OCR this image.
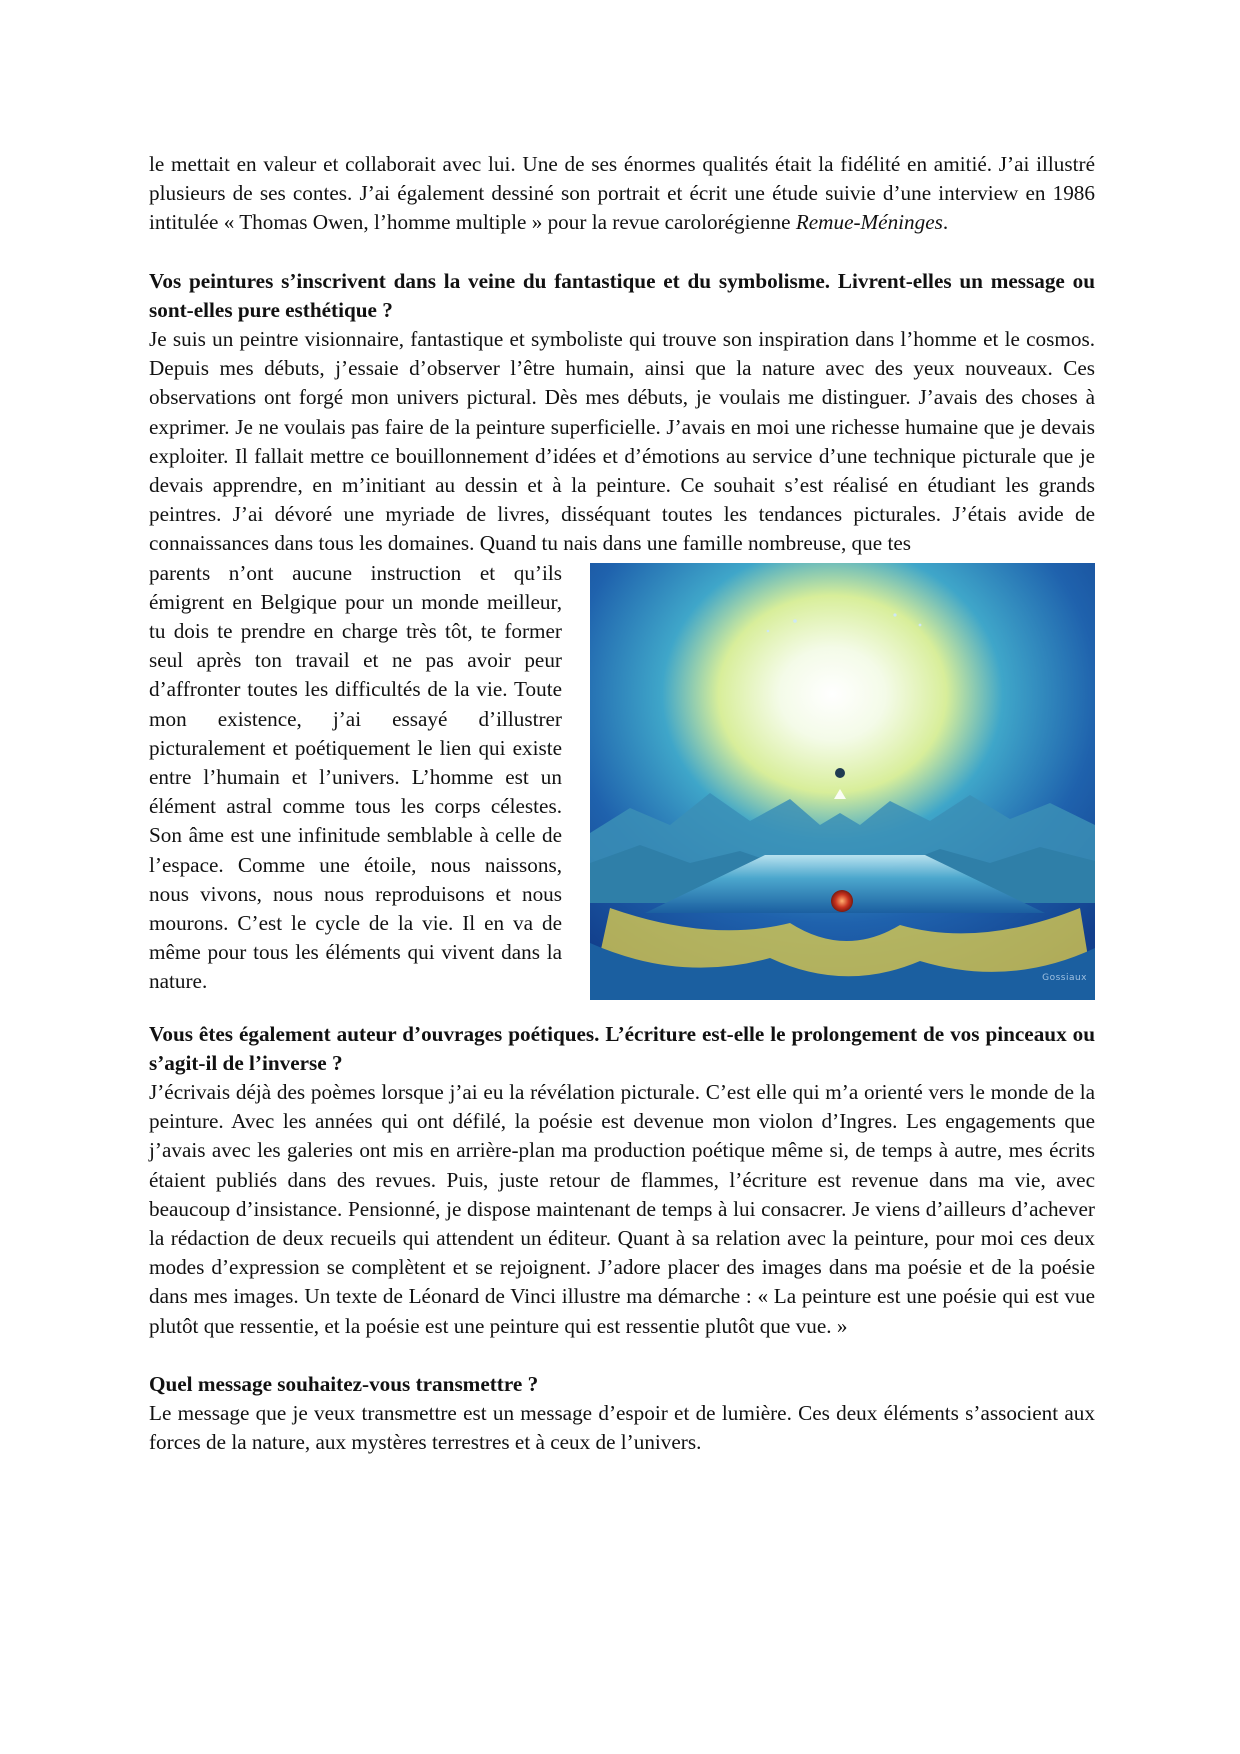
le mettait en valeur et collaborait avec lui. Une de ses énormes qualités était la fidélité en amitié. J’ai illustré plusieurs de ses contes. J’ai également dessiné son portrait et écrit une étude suivie d’une interview en 1986 intitulée « Thomas Owen, l’homme multiple » pour la revue carolorégienne Remue-Méninges.

Vos peintures s’inscrivent dans la veine du fantastique et du symbolisme. Livrent-elles un message ou sont-elles pure esthétique ?

Je suis un peintre visionnaire, fantastique et symboliste qui trouve son inspiration dans l’homme et le cosmos. Depuis mes débuts, j’essaie d’observer l’être humain, ainsi que la nature avec des yeux nouveaux. Ces observations ont forgé mon univers pictural. Dès mes débuts, je voulais me distinguer. J’avais des choses à exprimer. Je ne voulais pas faire de la peinture superficielle. J’avais en moi une richesse humaine que je devais exploiter. Il fallait mettre ce bouillonnement d’idées et d’émotions au service d’une technique picturale que je devais apprendre, en m’initiant au dessin et à la peinture. Ce souhait s’est réalisé en étudiant les grands peintres. J’ai dévoré une myriade de livres, disséquant toutes les tendances picturales. J’étais avide de connaissances dans tous les domaines. Quand tu nais dans une famille nombreuse, que tes

Gossiaux

parents n’ont aucune instruction et qu’ils émigrent en Belgique pour un monde meilleur, tu dois te prendre en charge très tôt, te former seul après ton travail et ne pas avoir peur d’affronter toutes les difficultés de la vie. Toute mon existence, j’ai essayé d’illustrer picturalement et poétiquement le lien qui existe entre l’humain et l’univers. L’homme est un élément astral comme tous les corps célestes. Son âme est une infinitude semblable à celle de l’espace. Comme une étoile, nous naissons, nous vivons, nous nous reproduisons et nous mourons. C’est le cycle de la vie. Il en va de même pour tous les éléments qui vivent dans la nature.

Vous êtes également auteur d’ouvrages poétiques. L’écriture est-elle le prolongement de vos pinceaux ou s’agit-il de l’inverse ?

J’écrivais déjà des poèmes lorsque j’ai eu la révélation picturale. C’est elle qui m’a orienté vers le monde de la peinture. Avec les années qui ont défilé, la poésie est devenue mon violon d’Ingres. Les engagements que j’avais avec les galeries ont mis en arrière-plan ma production poétique même si, de temps à autre, mes écrits étaient publiés dans des revues. Puis, juste retour de flammes, l’écriture est revenue dans ma vie, avec beaucoup d’insistance. Pensionné, je dispose maintenant de temps à lui consacrer. Je viens d’ailleurs d’achever la rédaction de deux recueils qui attendent un éditeur. Quant à sa relation avec la peinture, pour moi ces deux modes d’expression se complètent et se rejoignent. J’adore placer des images dans ma poésie et de la poésie dans mes images. Un texte de Léonard de Vinci illustre ma démarche : « La peinture est une poésie qui est vue plutôt que ressentie, et la poésie est une peinture qui est ressentie plutôt que vue. »

Quel message souhaitez-vous transmettre ?

Le message que je veux transmettre est un message d’espoir et de lumière. Ces deux éléments s’associent aux forces de la nature, aux mystères terrestres et à ceux de l’univers.
